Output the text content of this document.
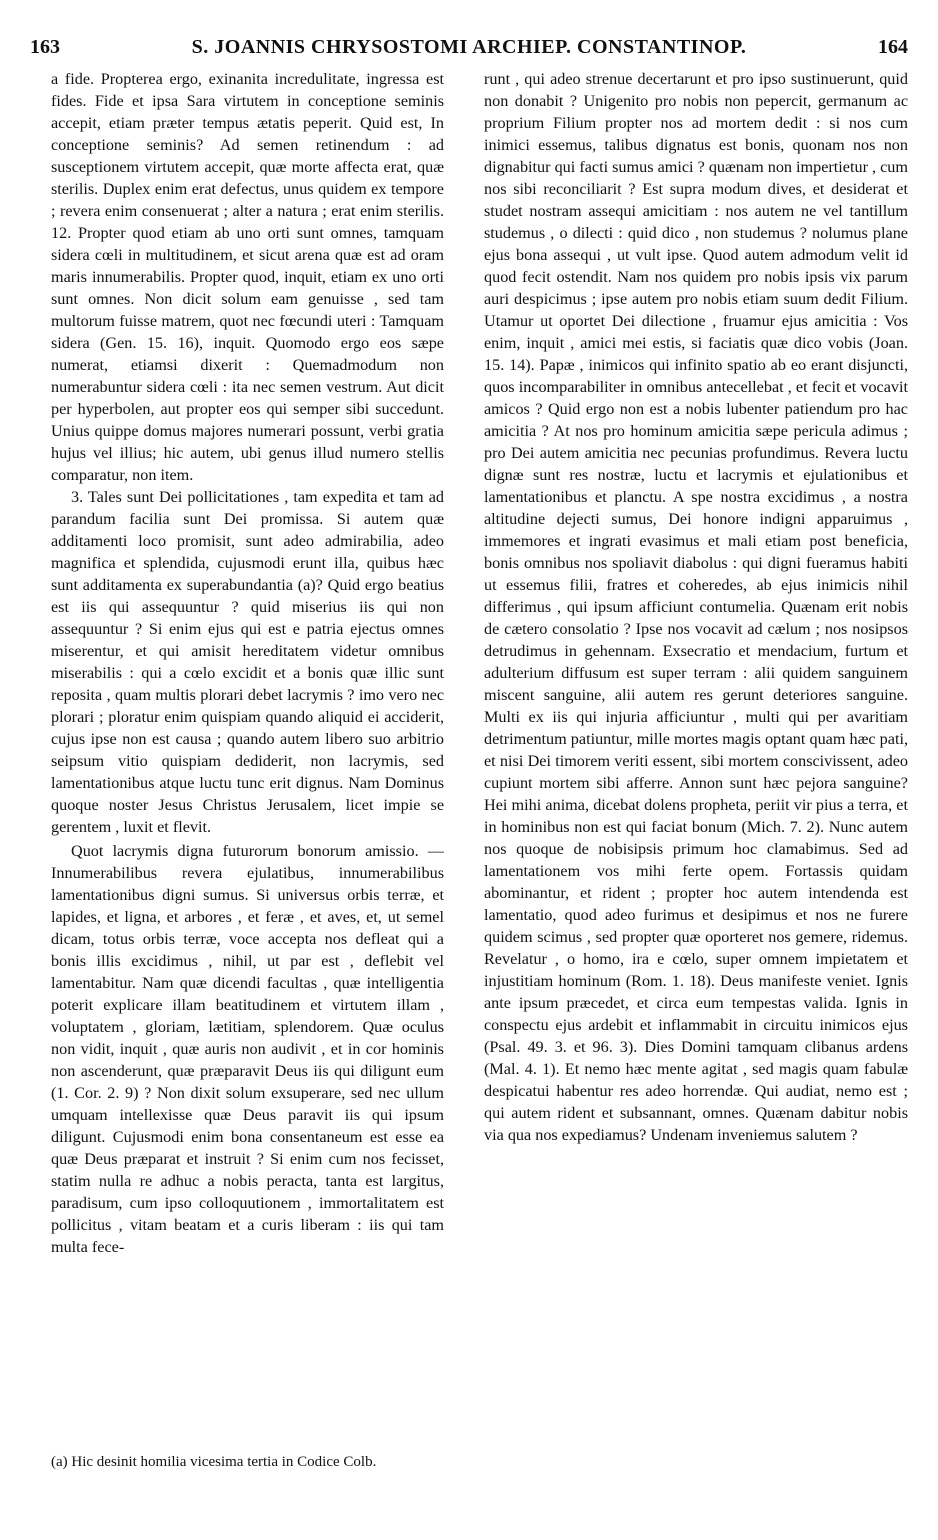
163	S. JOANNIS CHRYSOSTOMI ARCHIEP. CONSTANTINOP.	164

a fide. Propterea ergo, exinanita incredulitate, ingressa est fides. Fide et ipsa Sara virtutem in conceptione seminis accepit, etiam præter tempus ætatis peperit. Quid est, In conceptione seminis? Ad semen retinendum : ad susceptionem virtutem accepit, quæ morte affecta erat, quæ sterilis. Duplex enim erat defectus, unus quidem ex tempore ; revera enim consenuerat ; alter a natura ; erat enim sterilis. 12. Propter quod etiam ab uno orti sunt omnes, tamquam sidera cœli in multitudinem, et sicut arena quæ est ad oram maris innumerabilis. Propter quod, inquit, etiam ex uno orti sunt omnes. Non dicit solum eam genuisse , sed tam multorum fuisse matrem, quot nec fœcundi uteri : Tamquam sidera (Gen. 15. 16), inquit. Quomodo ergo eos sæpe numerat, etiamsi dixerit : Quemadmodum non numerabuntur sidera cœli : ita nec semen vestrum. Aut dicit per hyperbolen, aut propter eos qui semper sibi succedunt. Unius quippe domus majores numerari possunt, verbi gratia hujus vel illius; hic autem, ubi genus illud numero stellis comparatur, non item.

3. Tales sunt Dei pollicitationes , tam expedita et tam ad parandum facilia sunt Dei promissa. Si autem quæ additamenti loco promisit, sunt adeo admirabilia, adeo magnifica et splendida, cujusmodi erunt illa, quibus hæc sunt additamenta ex superabundantia (a)? Quid ergo beatius est iis qui assequuntur ? quid miserius iis qui non assequuntur ? Si enim ejus qui est e patria ejectus omnes miserentur, et qui amisit hereditatem videtur omnibus miserabilis : qui a cœlo excidit et a bonis quæ illic sunt reposita , quam multis plorari debet lacrymis ? imo vero nec plorari ; ploratur enim quispiam quando aliquid ei acciderit, cujus ipse non est causa ; quando autem libero suo arbitrio seipsum vitio quispiam dediderit, non lacrymis, sed lamentationibus atque luctu tunc erit dignus. Nam Dominus quoque noster Jesus Christus Jerusalem, licet impie se gerentem , luxit et flevit.

Quot lacrymis digna futurorum bonorum amissio. — Innumerabilibus revera ejulatibus, innumerabilibus lamentationibus digni sumus. Si universus orbis terræ, et lapides, et ligna, et arbores , et feræ , et aves, et, ut semel dicam, totus orbis terræ, voce accepta nos defleat qui a bonis illis excidimus , nihil, ut par est , deflebit vel lamentabitur. Nam quæ dicendi facultas , quæ intelligentia poterit explicare illam beatitudinem et virtutem illam , voluptatem , gloriam, lætitiam, splendorem. Quæ oculus non vidit, inquit , quæ auris non audivit , et in cor hominis non ascenderunt, quæ præparavit Deus iis qui diligunt eum (1. Cor. 2. 9) ? Non dixit solum exsuperare, sed nec ullum umquam intellexisse quæ Deus paravit iis qui ipsum diligunt. Cujusmodi enim bona consentaneum est esse ea quæ Deus præparat et instruit ? Si enim cum nos fecisset, statim nulla re adhuc a nobis peracta, tanta est largitus, paradisum, cum ipso colloquutionem , immortalitatem est pollicitus , vitam beatam et a curis liberam : iis qui tam multa fece-

runt , qui adeo strenue decertarunt et pro ipso sustinuerunt, quid non donabit ? Unigenito pro nobis non pepercit, germanum ac proprium Filium propter nos ad mortem dedit : si nos cum inimici essemus, talibus dignatus est bonis, quonam nos non dignabitur qui facti sumus amici ? quænam non impertietur , cum nos sibi reconciliarit ? Est supra modum dives, et desiderat et studet nostram assequi amicitiam : nos autem ne vel tantillum studemus , o dilecti : quid dico , non studemus ? nolumus plane ejus bona assequi , ut vult ipse. Quod autem admodum velit id quod fecit ostendit. Nam nos quidem pro nobis ipsis vix parum auri despicimus ; ipse autem pro nobis etiam suum dedit Filium. Utamur ut oportet Dei dilectione , fruamur ejus amicitia : Vos enim, inquit , amici mei estis, si faciatis quæ dico vobis (Joan. 15. 14). Papæ , inimicos qui infinito spatio ab eo erant disjuncti, quos incomparabiliter in omnibus antecellebat , et fecit et vocavit amicos ? Quid ergo non est a nobis lubenter patiendum pro hac amicitia ? At nos pro hominum amicitia sæpe pericula adimus ; pro Dei autem amicitia nec pecunias profundimus. Revera luctu dignæ sunt res nostræ, luctu et lacrymis et ejulationibus et lamentationibus et planctu. A spe nostra excidimus , a nostra altitudine dejecti sumus, Dei honore indigni apparuimus , immemores et ingrati evasimus et mali etiam post beneficia, bonis omnibus nos spoliavit diabolus : qui digni fueramus habiti ut essemus filii, fratres et coheredes, ab ejus inimicis nihil differimus , qui ipsum afficiunt contumelia. Quænam erit nobis de cætero consolatio ? Ipse nos vocavit ad cælum ; nos nosipsos detrudimus in gehennam. Exsecratio et mendacium, furtum et adulterium diffusum est super terram : alii quidem sanguinem miscent sanguine, alii autem res gerunt deteriores sanguine. Multi ex iis qui injuria afficiuntur , multi qui per avaritiam detrimentum patiuntur, mille mortes magis optant quam hæc pati, et nisi Dei timorem veriti essent, sibi mortem conscivissent, adeo cupiunt mortem sibi afferre. Annon sunt hæc pejora sanguine? Hei mihi anima, dicebat dolens propheta, periit vir pius a terra, et in hominibus non est qui faciat bonum (Mich. 7. 2). Nunc autem nos quoque de nobisipsis primum hoc clamabimus. Sed ad lamentationem vos mihi ferte opem. Fortassis quidam abominantur, et rident ; propter hoc autem intendenda est lamentatio, quod adeo furimus et desipimus et nos ne furere quidem scimus , sed propter quæ oporteret nos gemere, ridemus. Revelatur , o homo, ira e cœlo, super omnem impietatem et injustitiam hominum (Rom. 1. 18). Deus manifeste veniet. Ignis ante ipsum præcedet, et circa eum tempestas valida. Ignis in conspectu ejus ardebit et inflammabit in circuitu inimicos ejus (Psal. 49. 3. et 96. 3). Dies Domini tamquam clibanus ardens (Mal. 4. 1). Et nemo hæc mente agitat , sed magis quam fabulæ despicatui habentur res adeo horrendæ. Qui audiat, nemo est ; qui autem rident et subsannant, omnes. Quænam dabitur nobis via qua nos expediamus? Undenam inveniemus salutem ?

(a) Hic desinit homilia vicesima tertia in Codice Colb.
